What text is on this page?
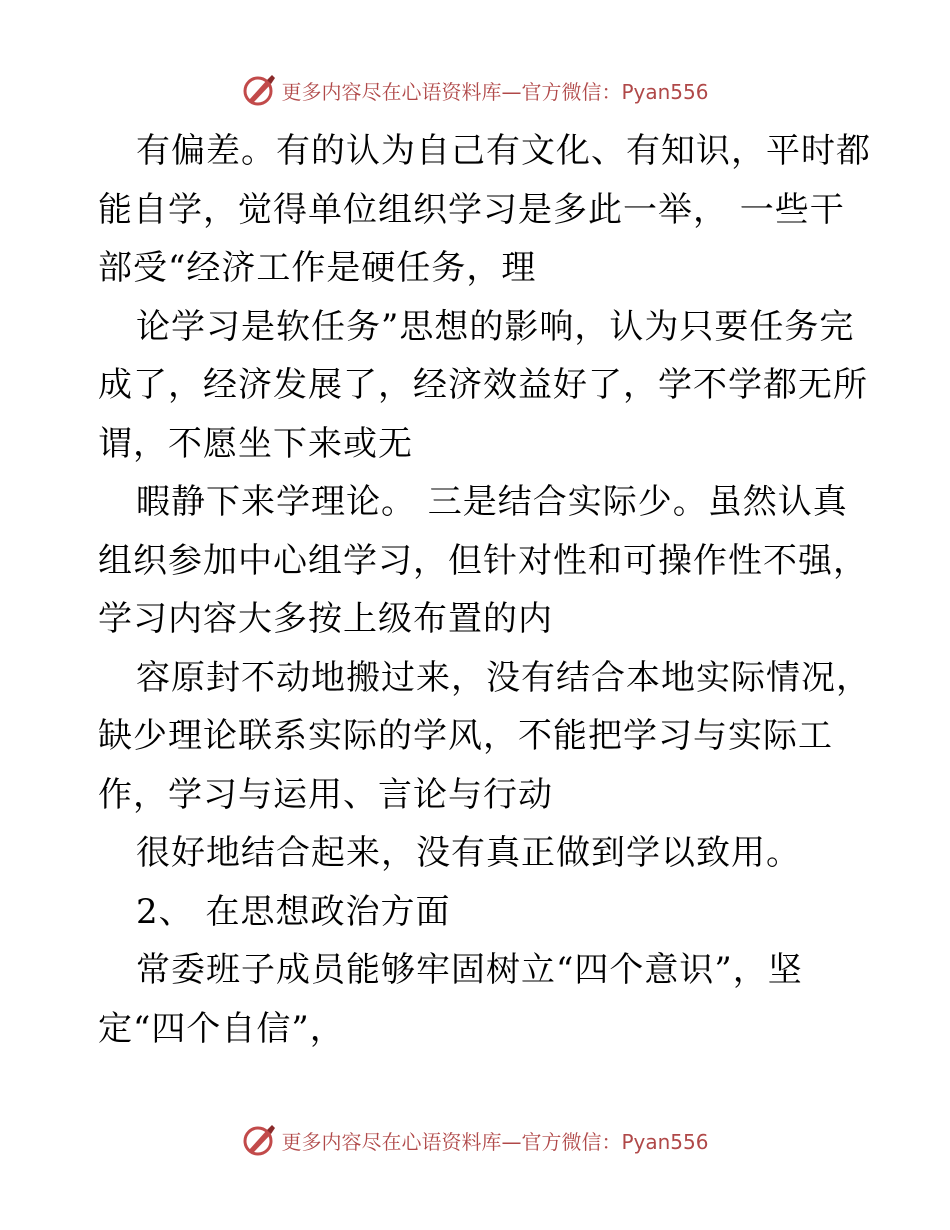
更多内容尽在心语资料库—官方微信：Pyan556
有偏差。有的认为自己有文化、有知识，平时都
能自学，觉得单位组织学习是多此一举， 一些干
部受“经济工作是硬任务，理
论学习是软任务”思想的影响，认为只要任务完
成了，经济发展了，经济效益好了，学不学都无所
谓，不愿坐下来或无
暇静下来学理论。 三是结合实际少。虽然认真
组织参加中心组学习，但针对性和可操作性不强，
学习内容大多按上级布置的内
容原封不动地搬过来，没有结合本地实际情况，
缺少理论联系实际的学风，不能把学习与实际工
作，学习与运用、言论与行动
很好地结合起来，没有真正做到学以致用。
2、 在思想政治方面
常委班子成员能够牢固树立“四个意识”，坚
定“四个自信”，
更多内容尽在心语资料库—官方微信：Pyan556
